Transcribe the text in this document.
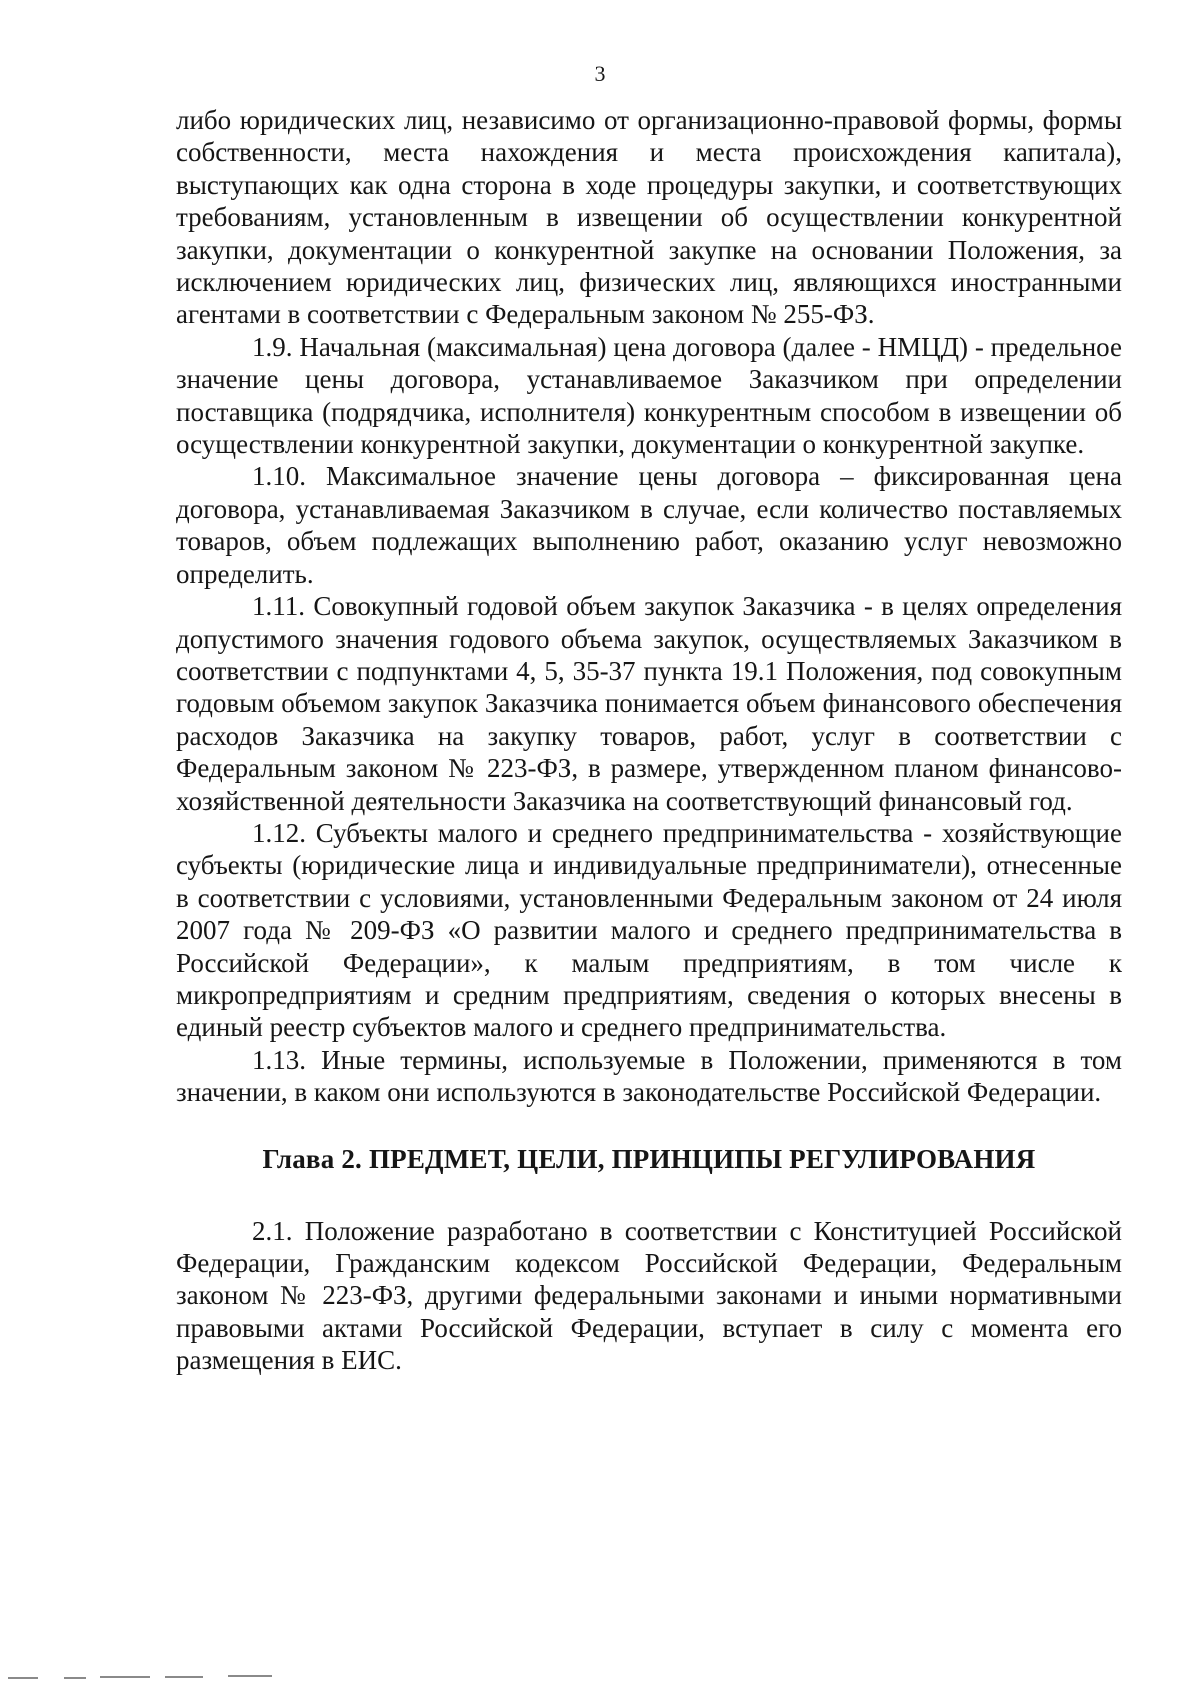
3

либо юридических лиц, независимо от организационно-правовой формы, формы собственности, места нахождения и места происхождения капитала), выступающих как одна сторона в ходе процедуры закупки, и соответствующих требованиям, установленным в извещении об осуществлении конкурентной закупки, документации о конкурентной закупке на основании Положения, за исключением юридических лиц, физических лиц, являющихся иностранными агентами в соответствии с Федеральным законом № 255-ФЗ.

1.9. Начальная (максимальная) цена договора (далее - НМЦД) - предельное значение цены договора, устанавливаемое Заказчиком при определении поставщика (подрядчика, исполнителя) конкурентным способом в извещении об осуществлении конкурентной закупки, документации о конкурентной закупке.

1.10. Максимальное значение цены договора – фиксированная цена договора, устанавливаемая Заказчиком в случае, если количество поставляемых товаров, объем подлежащих выполнению работ, оказанию услуг невозможно определить.

1.11. Совокупный годовой объем закупок Заказчика - в целях определения допустимого значения годового объема закупок, осуществляемых Заказчиком в соответствии с подпунктами 4, 5, 35-37 пункта 19.1 Положения, под совокупным годовым объемом закупок Заказчика понимается объем финансового обеспечения расходов Заказчика на закупку товаров, работ, услуг в соответствии с Федеральным законом № 223-ФЗ, в размере, утвержденном планом финансово-хозяйственной деятельности Заказчика на соответствующий финансовый год.

1.12. Субъекты малого и среднего предпринимательства - хозяйствующие субъекты (юридические лица и индивидуальные предприниматели), отнесенные в соответствии с условиями, установленными Федеральным законом от 24 июля 2007 года № 209-ФЗ «О развитии малого и среднего предпринимательства в Российской Федерации», к малым предприятиям, в том числе к микропредприятиям и средним предприятиям, сведения о которых внесены в единый реестр субъектов малого и среднего предпринимательства.

1.13. Иные термины, используемые в Положении, применяются в том значении, в каком они используются в законодательстве Российской Федерации.

Глава 2. ПРЕДМЕТ, ЦЕЛИ, ПРИНЦИПЫ РЕГУЛИРОВАНИЯ

2.1. Положение разработано в соответствии с Конституцией Российской Федерации, Гражданским кодексом Российской Федерации, Федеральным законом № 223-ФЗ, другими федеральными законами и иными нормативными правовыми актами Российской Федерации, вступает в силу с момента его размещения в ЕИС.
